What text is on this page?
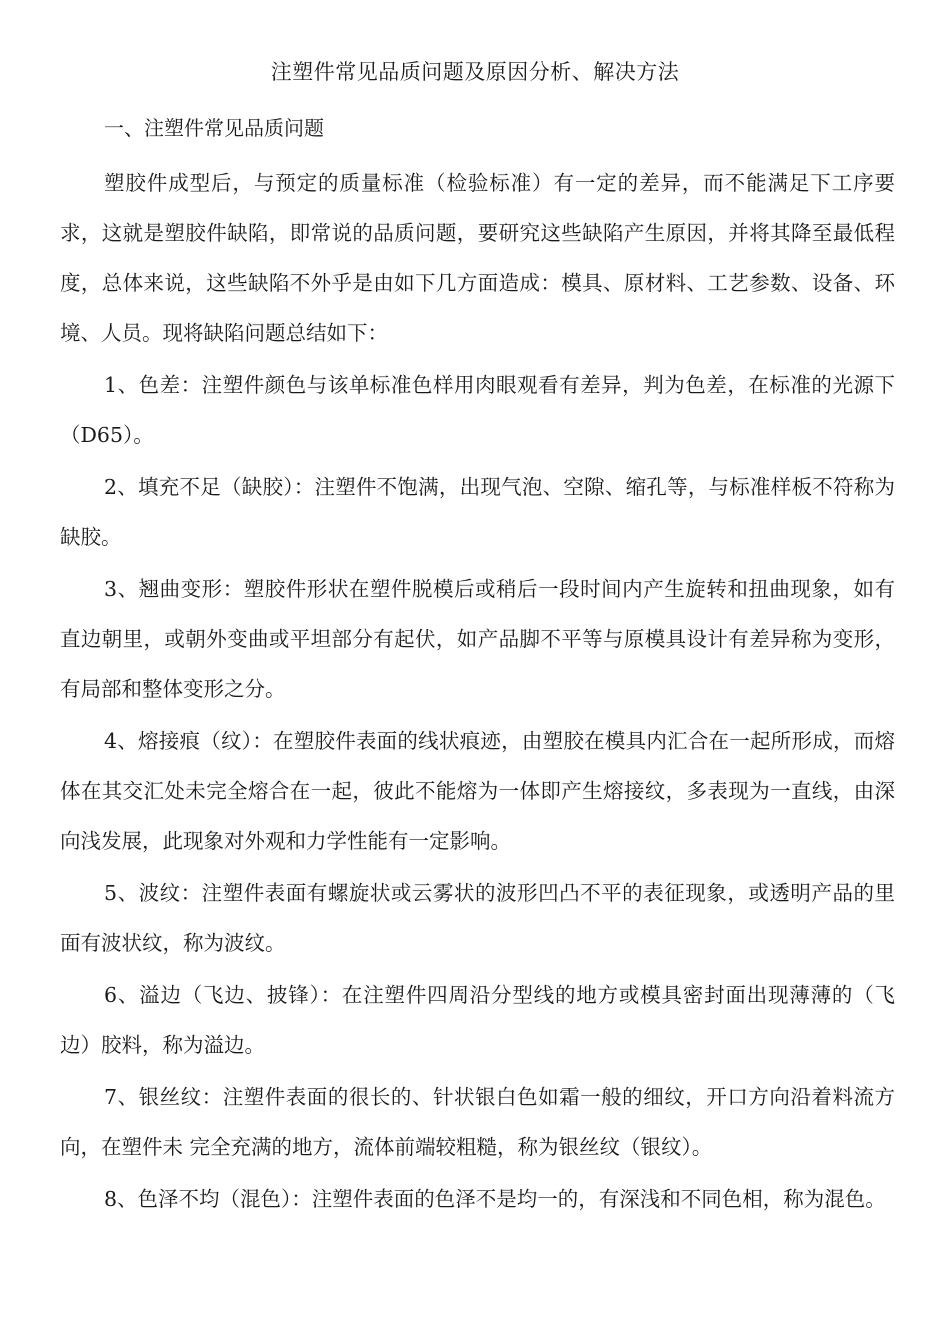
注塑件常见品质问题及原因分析、解决方法
一、注塑件常见品质问题

塑胶件成型后，与预定的质量标准（检验标准）有一定的差异，而不能满足下工序要求，这就是塑胶件缺陷，即常说的品质问题，要研究这些缺陷产生原因，并将其降至最低程度，总体来说，这些缺陷不外乎是由如下几方面造成：模具、原材料、工艺参数、设备、环境、人员。现将缺陷问题总结如下：

1、色差：注塑件颜色与该单标准色样用肉眼观看有差异，判为色差，在标准的光源下（D65）。

2、填充不足（缺胶）：注塑件不饱满，出现气泡、空隙、缩孔等，与标准样板不符称为缺胶。

3、翘曲变形：塑胶件形状在塑件脱模后或稍后一段时间内产生旋转和扭曲现象，如有直边朝里，或朝外变曲或平坦部分有起伏，如产品脚不平等与原模具设计有差异称为变形，有局部和整体变形之分。

4、熔接痕（纹）：在塑胶件表面的线状痕迹，由塑胶在模具内汇合在一起所形成，而熔体在其交汇处未完全熔合在一起，彼此不能熔为一体即产生熔接纹，多表现为一直线，由深向浅发展，此现象对外观和力学性能有一定影响。

5、波纹：注塑件表面有螺旋状或云雾状的波形凹凸不平的表征现象，或透明产品的里面有波状纹，称为波纹。

6、溢边（飞边、披锋）：在注塑件四周沿分型线的地方或模具密封面出现薄薄的（飞边）胶料，称为溢边。

7、银丝纹：注塑件表面的很长的、针状银白色如霜一般的细纹，开口方向沿着料流方向，在塑件未 完全充满的地方，流体前端较粗糙，称为银丝纹（银纹）。

8、色泽不均（混色）：注塑件表面的色泽不是均一的，有深浅和不同色相，称为混色。
